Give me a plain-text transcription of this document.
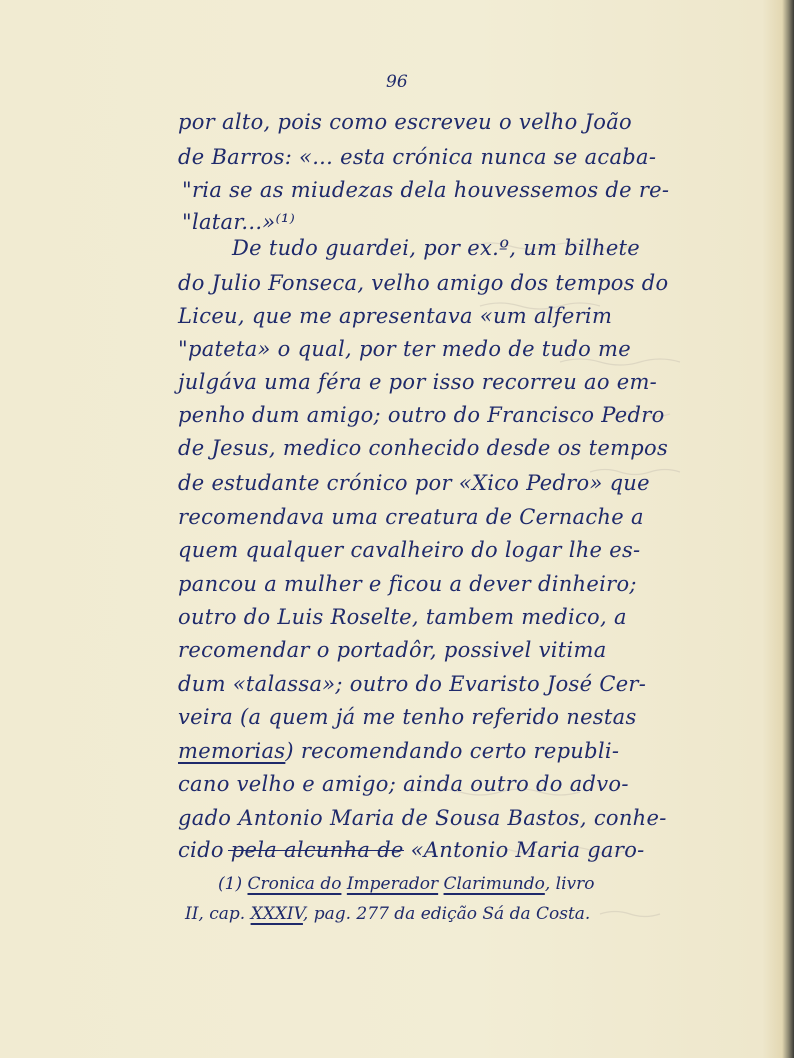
96
por alto, pois como escreveu o velho João
de Barros: «... esta crónica nunca se acaba-
"ria se as miudezas dela houvessemos de re-
"latar...»⁽¹⁾
De tudo guardei, por ex.º, um bilhete
do Julio Fonseca, velho amigo dos tempos do
Liceu, que me apresentava «um alferim
"pateta» o qual, por ter medo de tudo me
julgáva uma féra e por isso recorreu ao em-
penho dum amigo; outro do Francisco Pedro
de Jesus, medico conhecido desde os tempos
de estudante crónico por «Xico Pedro» que
recomendava uma creatura de Cernache a
quem qualquer cavalheiro do logar lhe es-
pancou a mulher e ficou a dever dinheiro;
outro do Luis Roselte, tambem medico, a
recomendar o portadôr, possivel vitima
dum «talassa»; outro do Evaristo José Cer-
veira (a quem já me tenho referido nestas
memorias) recomendando certo republi-
cano velho e amigo; ainda outro do advo-
gado Antonio Maria de Sousa Bastos, conhe-
cido pela alcunha de «Antonio Maria garo-
(1) Cronica do Imperador Clarimundo, livro
II, cap. XXXIV, pag. 277 da edição Sá da Costa.
